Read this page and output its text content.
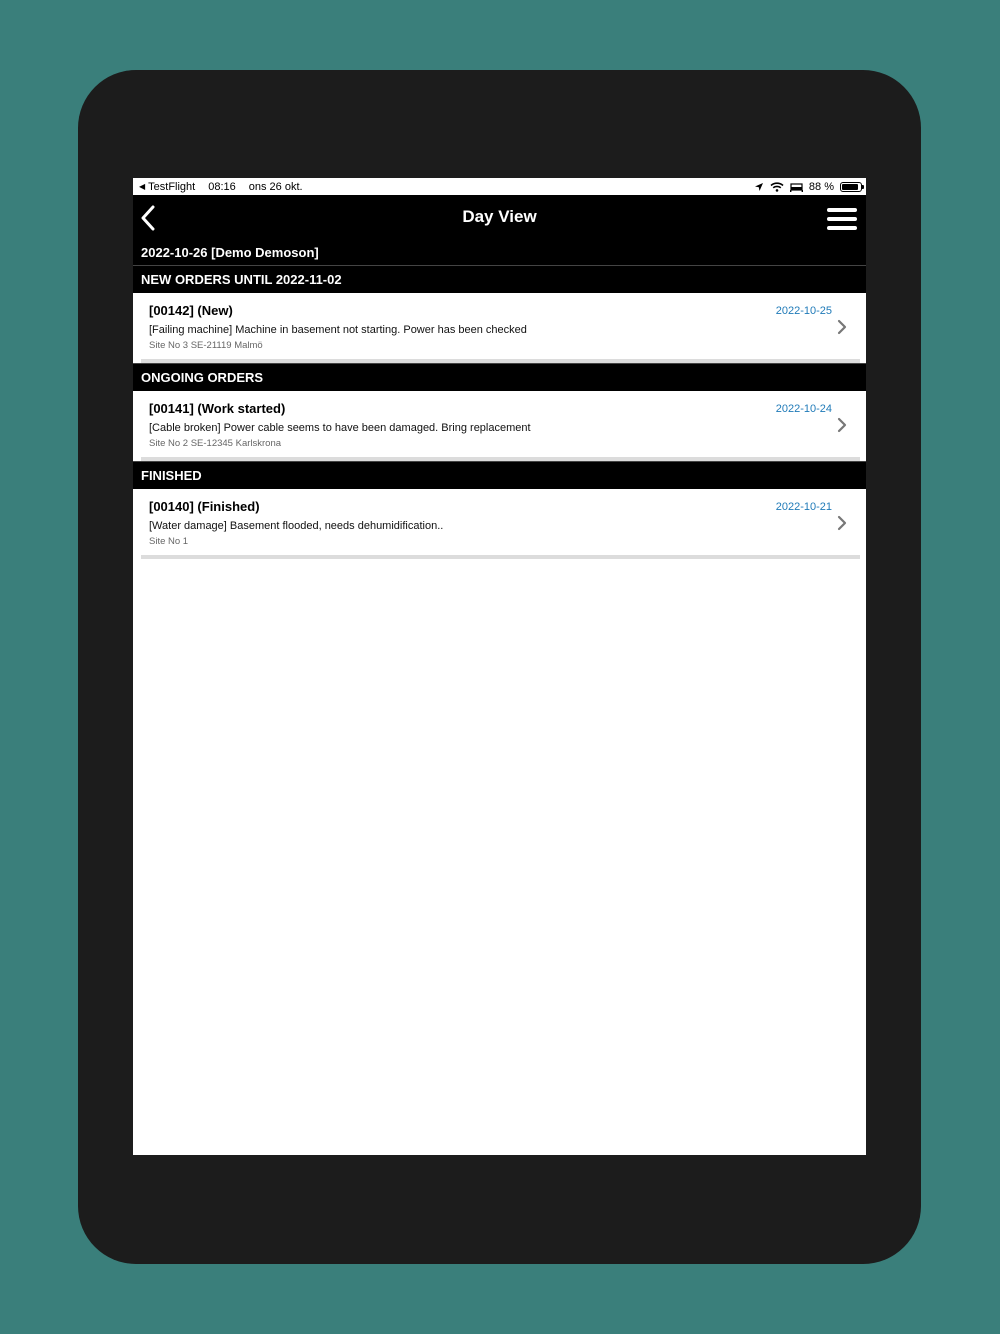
◀ TestFlight 08:16 ons 26 okt.	88 %
Day View
2022-10-26 [Demo Demoson]
NEW ORDERS UNTIL 2022-11-02
[00142] (New)	2022-10-25
[Failing machine] Machine in basement not starting. Power has been checked
Site No 3 SE-21119 Malmö
ONGOING ORDERS
[00141] (Work started)	2022-10-24
[Cable broken] Power cable seems to have been damaged. Bring replacement
Site No 2 SE-12345 Karlskrona
FINISHED
[00140] (Finished)	2022-10-21
[Water damage] Basement flooded, needs dehumidification..
Site No 1
